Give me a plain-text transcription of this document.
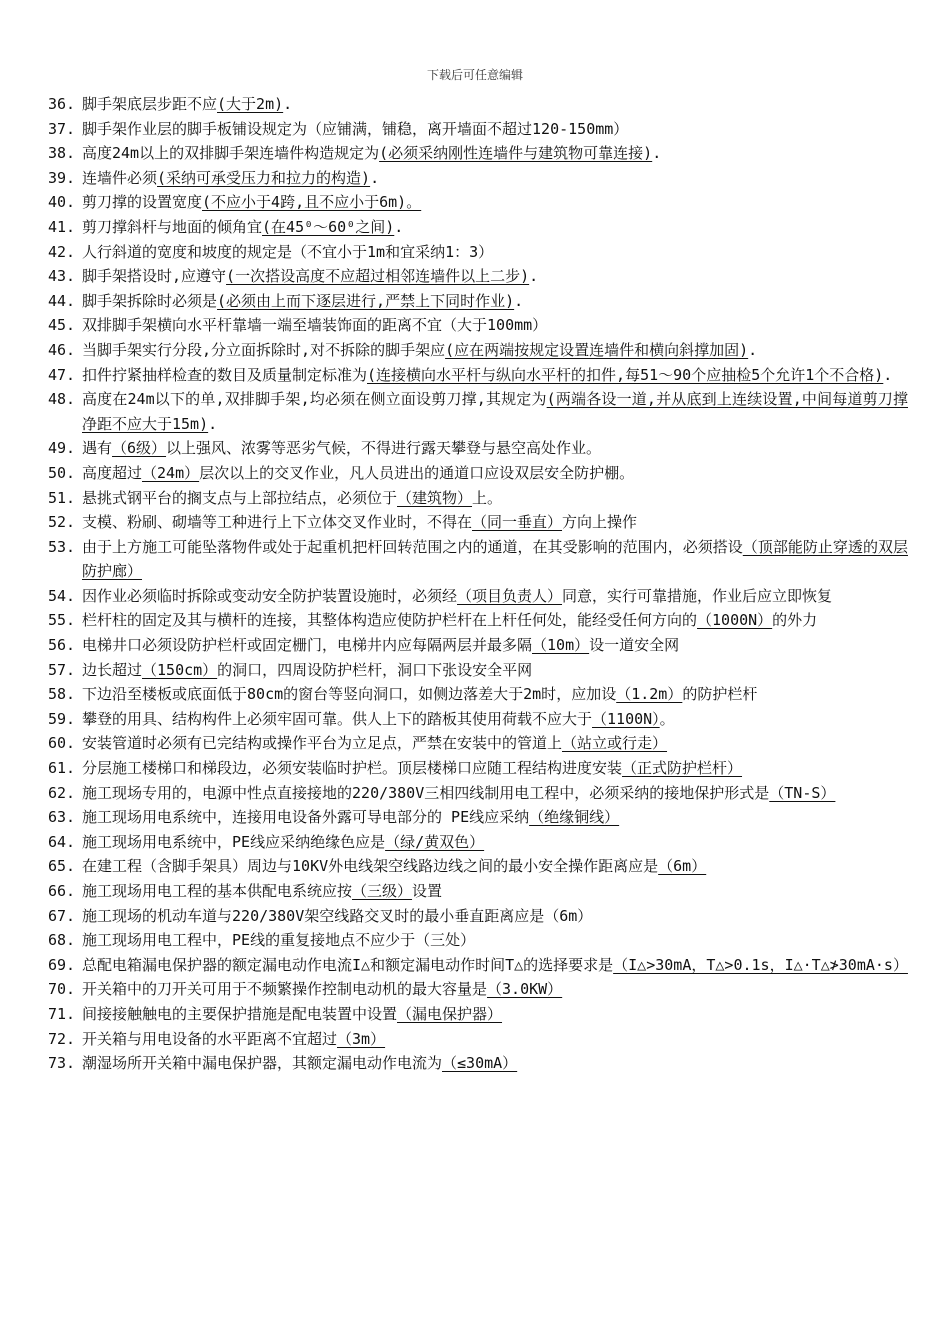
下载后可任意编辑
36. 脚手架底层步距不应(大于2m).
37. 脚手架作业层的脚手板铺设规定为（应铺满，铺稳，离开墙面不超过120-150mm）
38. 高度24m以上的双排脚手架连墙件构造规定为(必须采纳刚性连墙件与建筑物可靠连接).
39. 连墙件必须(采纳可承受压力和拉力的构造).
40. 剪刀撑的设置宽度(不应小于4跨,且不应小于6m)。
41. 剪刀撑斜杆与地面的倾角宜(在45⁰～60⁰之间).
42. 人行斜道的宽度和坡度的规定是（不宜小于1m和宜采纳1：3）
43. 脚手架搭设时,应遵守(一次搭设高度不应超过相邻连墙件以上二步).
44. 脚手架拆除时必须是(必须由上而下逐层进行,严禁上下同时作业).
45. 双排脚手架横向水平杆靠墙一端至墙装饰面的距离不宜（大于100mm）
46. 当脚手架实行分段,分立面拆除时,对不拆除的脚手架应(应在两端按规定设置连墙件和横向斜撑加固).
47. 扣件拧紧抽样检查的数目及质量制定标准为(连接横向水平杆与纵向水平杆的扣件,每51～90个应抽检5个允许1个不合格).
48. 高度在24m以下的单,双排脚手架,均必须在侧立面设剪刀撑,其规定为(两端各设一道,并从底到上连续设置,中间每道剪刀撑净距不应大于15m).
49. 遇有（6级）以上强风、浓雾等恶劣气候，不得进行露天攀登与悬空高处作业。
50. 高度超过（24m）层次以上的交叉作业，凡人员进出的通道口应设双层安全防护棚。
51. 悬挑式钢平台的搁支点与上部拉结点，必须位于（建筑物）上。
52. 支模、粉刷、砌墙等工种进行上下立体交叉作业时，不得在（同一垂直）方向上操作
53. 由于上方施工可能坠落物件或处于起重机把杆回转范围之内的通道，在其受影响的范围内，必须搭设（顶部能防止穿透的双层防护廊）
54. 因作业必须临时拆除或变动安全防护装置设施时，必须经（项目负责人）同意，实行可靠措施，作业后应立即恢复
55. 栏杆柱的固定及其与横杆的连接，其整体构造应使防护栏杆在上杆任何处，能经受任何方向的（1000N）的外力
56. 电梯井口必须设防护栏杆或固定栅门，电梯井内应每隔两层并最多隔（10m）设一道安全网
57. 边长超过（150cm）的洞口，四周设防护栏杆，洞口下张设安全平网
58. 下边沿至楼板或底面低于80cm的窗台等竖向洞口，如侧边落差大于2m时，应加设（1.2m）的防护栏杆
59. 攀登的用具、结构构件上必须牢固可靠。供人上下的踏板其使用荷载不应大于（1100N）。
60. 安装管道时必须有已完结构或操作平台为立足点，严禁在安装中的管道上（站立或行走）
61. 分层施工楼梯口和梯段边，必须安装临时护栏。顶层楼梯口应随工程结构进度安装（正式防护栏杆）
62. 施工现场专用的，电源中性点直接接地的220/380V三相四线制用电工程中，必须采纳的接地保护形式是（TN-S）
63. 施工现场用电系统中，连接用电设备外露可导电部分的 PE线应采纳（绝缘铜线）
64. 施工现场用电系统中，PE线应采纳绝缘色应是（绿/黄双色）
65. 在建工程（含脚手架具）周边与10KV外电线架空线路边线之间的最小安全操作距离应是（6m）
66. 施工现场用电工程的基本供配电系统应按（三级）设置
67. 施工现场的机动车道与220/380V架空线路交叉时的最小垂直距离应是（6m）
68. 施工现场用电工程中，PE线的重复接地点不应少于（三处）
69. 总配电箱漏电保护器的额定漏电动作电流I△和额定漏电动作时间T△的选择要求是（I△>30mA，T△>0.1s，I△·T△≯30mA·s）
70. 开关箱中的刀开关可用于不频繁操作控制电动机的最大容量是（3.0KW）
71. 间接接触触电的主要保护措施是配电装置中设置（漏电保护器）
72. 开关箱与用电设备的水平距离不宜超过（3m）
73. 潮湿场所开关箱中漏电保护器，其额定漏电动作电流为（≤30mA）
